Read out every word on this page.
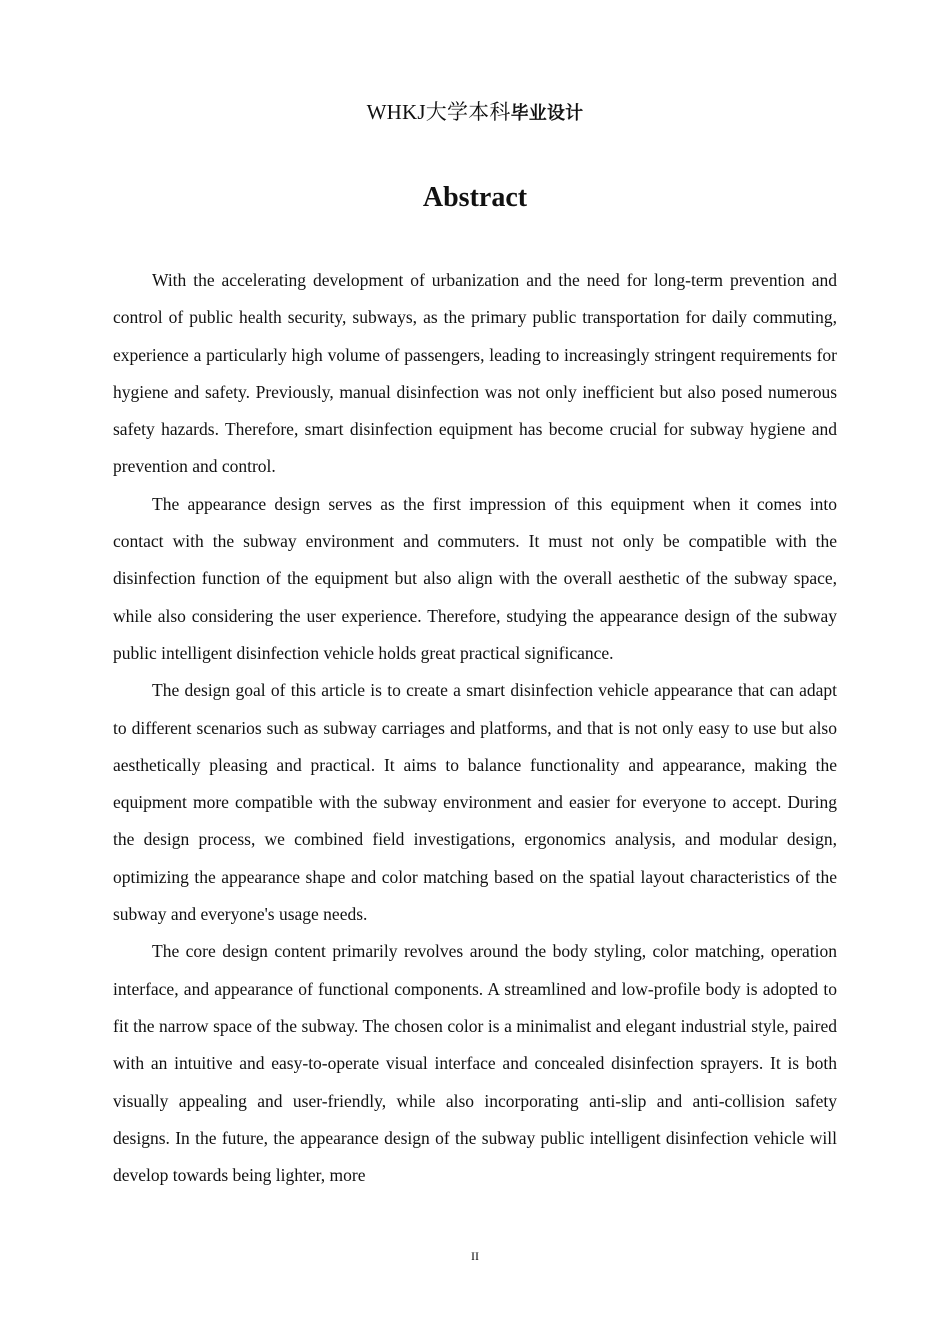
WHKJ大学本科毕业设计
Abstract

With the accelerating development of urbanization and the need for long-term prevention and control of public health security, subways, as the primary public transportation for daily commuting, experience a particularly high volume of passengers, leading to increasingly stringent requirements for hygiene and safety. Previously, manual disinfection was not only inefficient but also posed numerous safety hazards. Therefore, smart disinfection equipment has become crucial for subway hygiene and prevention and control.

The appearance design serves as the first impression of this equipment when it comes into contact with the subway environment and commuters. It must not only be compatible with the disinfection function of the equipment but also align with the overall aesthetic of the subway space, while also considering the user experience. Therefore, studying the appearance design of the subway public intelligent disinfection vehicle holds great practical significance.

The design goal of this article is to create a smart disinfection vehicle appearance that can adapt to different scenarios such as subway carriages and platforms, and that is not only easy to use but also aesthetically pleasing and practical. It aims to balance functionality and appearance, making the equipment more compatible with the subway environment and easier for everyone to accept. During the design process, we combined field investigations, ergonomics analysis, and modular design, optimizing the appearance shape and color matching based on the spatial layout characteristics of the subway and everyone's usage needs.

The core design content primarily revolves around the body styling, color matching, operation interface, and appearance of functional components. A streamlined and low-profile body is adopted to fit the narrow space of the subway. The chosen color is a minimalist and elegant industrial style, paired with an intuitive and easy-to-operate visual interface and concealed disinfection sprayers. It is both visually appealing and user-friendly, while also incorporating anti-slip and anti-collision safety designs. In the future, the appearance design of the subway public intelligent disinfection vehicle will develop towards being lighter, more

II
